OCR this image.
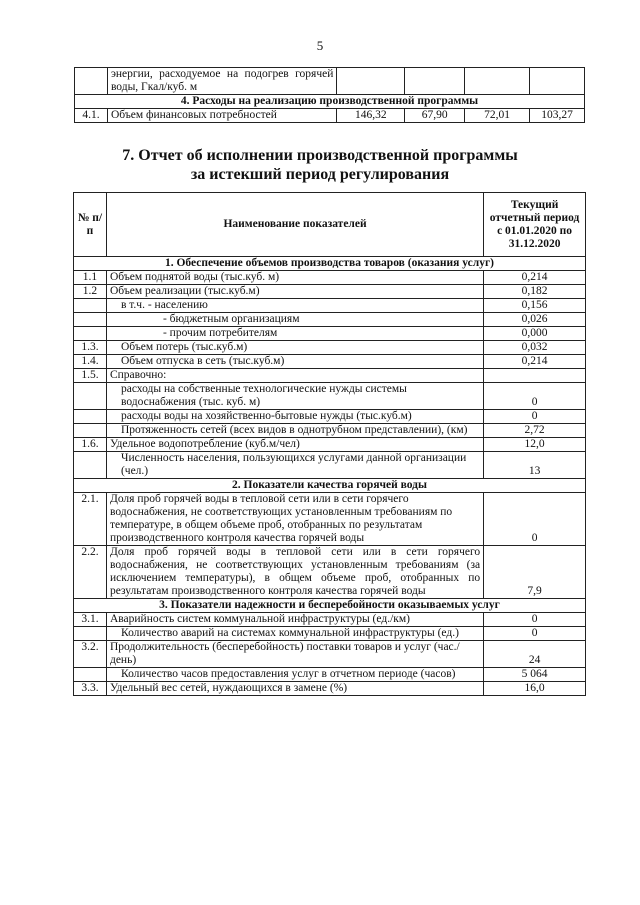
5
	энергии, расходуемое на подогрев горячей воды, Гкал/куб. м				
4. Расходы на реализацию производственной программы					
4.1.	Объем финансовых потребностей	146,32	67,90	72,01	103,27
7. Отчет об исполнении производственной программы
за истекший период регулирования
№ п/п	Наименование показателей	Текущий отчетный период с 01.01.2020 по 31.12.2020
1. Обеспечение объемов производства товаров (оказания услуг)		
1.1	Объем поднятой воды (тыс.куб. м)	0,214
1.2	Объем реализации (тыс.куб.м)	0,182
	в т.ч. - населению	0,156
	- бюджетным организациям	0,026
	- прочим потребителям	0,000
1.3.	Объем потерь (тыс.куб.м)	0,032
1.4.	Объем отпуска в сеть (тыс.куб.м)	0,214
1.5.	Справочно:	
	расходы на собственные технологические нужды системы водоснабжения (тыс. куб. м)	0
	расходы воды на хозяйственно-бытовые нужды (тыс.куб.м)	0
	Протяженность сетей (всех видов в однотрубном представлении), (км)	2,72
1.6.	Удельное водопотребление (куб.м/чел)	12,0
	Численность населения, пользующихся услугами данной организации (чел.)	13
2. Показатели качества горячей воды		
2.1.	Доля проб горячей воды в тепловой сети или в сети горячего водоснабжения, не соответствующих установленным требованиям по температуре, в общем объеме проб, отобранных по результатам производственного контроля качества горячей воды	0
2.2.	Доля проб горячей воды в тепловой сети или в сети горячего водоснабжения, не соответствующих установленным требованиям (за исключением температуры), в общем объеме проб, отобранных по результатам производственного контроля качества горячей воды	7,9
3. Показатели надежности и бесперебойности оказываемых услуг		
3.1.	Аварийность систем коммунальной инфраструктуры (ед./км)	0
	Количество аварий на системах коммунальной инфраструктуры (ед.)	0
3.2.	Продолжительность (бесперебойность) поставки товаров и услуг (час./день)	24
	Количество часов предоставления услуг в отчетном периоде (часов)	5 064
3.3.	Удельный вес сетей, нуждающихся в замене (%)	16,0
